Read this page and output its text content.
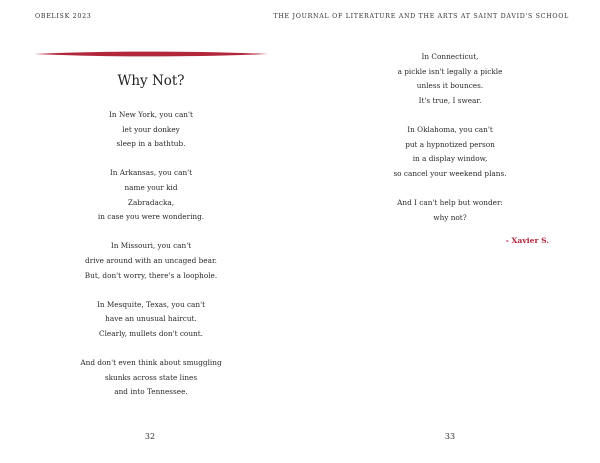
OBELISK 2023
Why Not?
In New York, you can't
let your donkey
sleep in a bathtub.
In Arkansas, you can't
name your kid
Zabradacka,
in case you were wondering.
In Missouri, you can't
drive around with an uncaged bear.
But, don't worry, there's a loophole.
In Mesquite, Texas, you can't
have an unusual haircut.
Clearly, mullets don't count.
And don't even think about smuggling
skunks across state lines
and into Tennessee.
32
THE JOURNAL OF LITERATURE AND THE ARTS AT SAINT DAVID'S SCHOOL
In Connecticut,
a pickle isn't legally a pickle
unless it bounces.
It's true, I swear.
In Oklahoma, you can't
put a hypnotized person
in a display window,
so cancel your weekend plans.
And I can't help but wonder:
why not?
- Xavier S.
33
